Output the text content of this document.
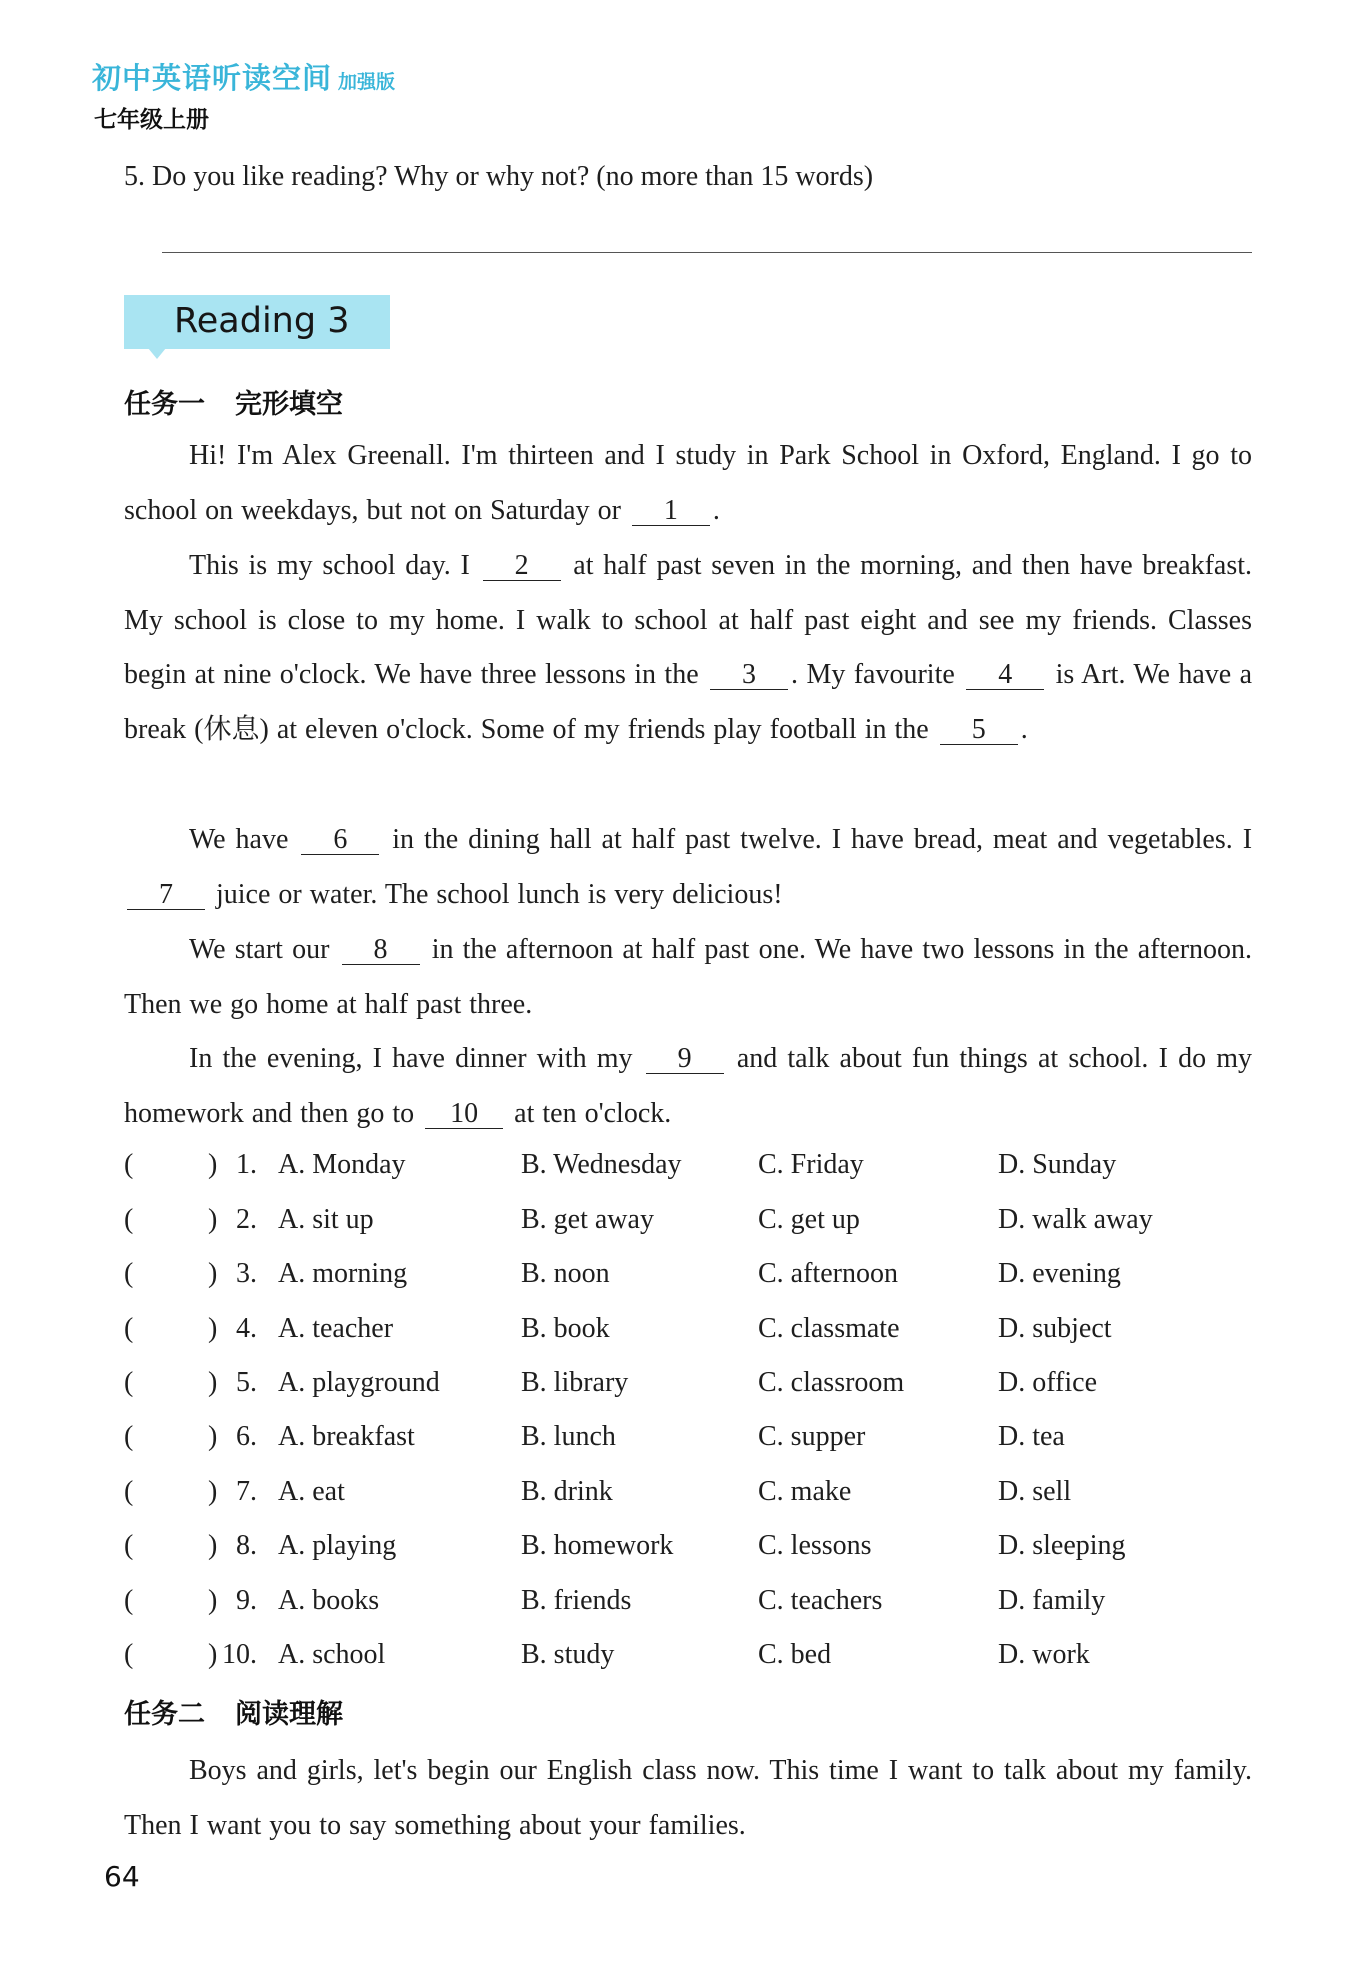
初中英语听读空间 加强版
七年级上册
5. Do you like reading? Why or why not? (no more than 15 words)
Reading 3
任务一 完形填空
Hi! I'm Alex Greenall. I'm thirteen and I study in Park School in Oxford, England. I go to school on weekdays, but not on Saturday or 1 .
This is my school day. I 2 at half past seven in the morning, and then have breakfast. My school is close to my home. I walk to school at half past eight and see my friends. Classes begin at nine o'clock. We have three lessons in the 3 . My favourite 4 is Art. We have a break (休息) at eleven o'clock. Some of my friends play football in the 5 .
We have 6 in the dining hall at half past twelve. I have bread, meat and vegetables. I 7 juice or water. The school lunch is very delicious!
We start our 8 in the afternoon at half past one. We have two lessons in the afternoon. Then we go home at half past three.
In the evening, I have dinner with my 9 and talk about fun things at school. I do my homework and then go to 10 at ten o'clock.
(	) 1. A. Monday	B. Wednesday	C. Friday	D. Sunday
(	) 2. A. sit up	B. get away	C. get up	D. walk away
(	) 3. A. morning	B. noon	C. afternoon	D. evening
(	) 4. A. teacher	B. book	C. classmate	D. subject
(	) 5. A. playground	B. library	C. classroom	D. office
(	) 6. A. breakfast	B. lunch	C. supper	D. tea
(	) 7. A. eat	B. drink	C. make	D. sell
(	) 8. A. playing	B. homework	C. lessons	D. sleeping
(	) 9. A. books	B. friends	C. teachers	D. family
(	) 10. A. school	B. study	C. bed	D. work
任务二 阅读理解
Boys and girls, let's begin our English class now. This time I want to talk about my family. Then I want you to say something about your families.
64
